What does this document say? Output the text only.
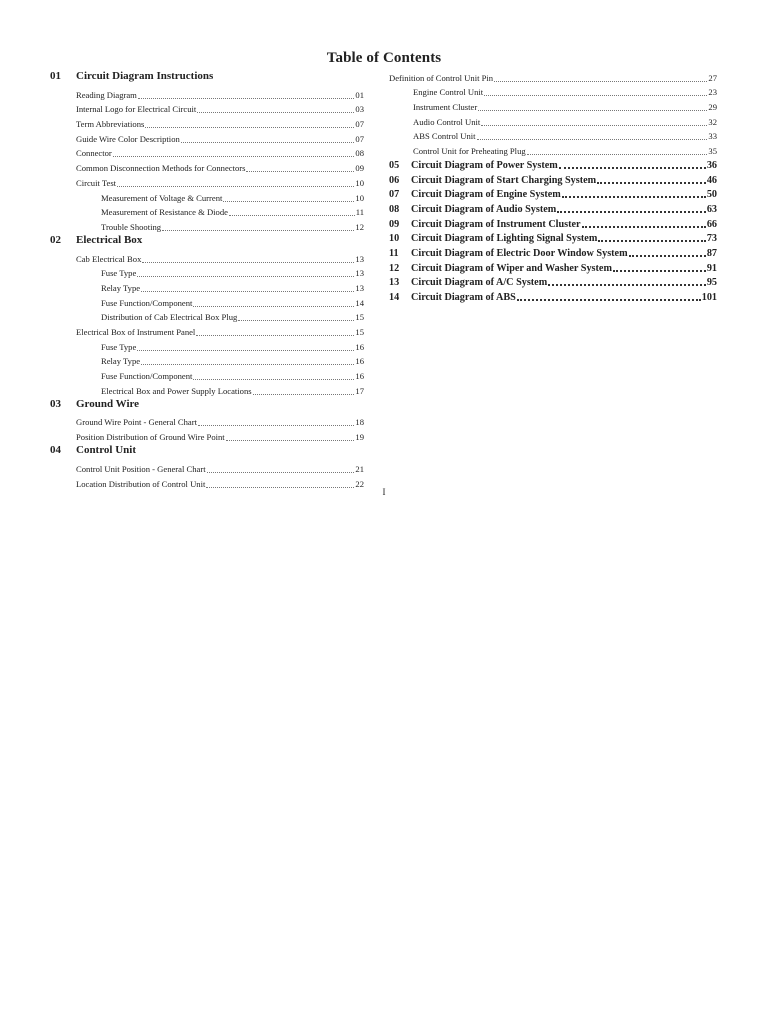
Table of Contents
01	Circuit Diagram Instructions
Reading Diagram	01
Internal Logo for Electrical Circuit	03
Term Abbreviations	07
Guide Wire Color Description	07
Connector	08
Common Disconnection Methods for Connectors	09
Circuit Test	10
Measurement of Voltage & Current	10
Measurement of Resistance & Diode	11
Trouble Shooting	12
02	Electrical Box
Cab Electrical Box	13
Fuse Type	13
Relay Type	13
Fuse Function/Component	14
Distribution of Cab Electrical Box Plug	15
Electrical Box of Instrument Panel	15
Fuse Type	16
Relay Type	16
Fuse Function/Component	16
Electrical Box and Power Supply Locations	17
03	Ground Wire
Ground Wire Point - General Chart	18
Position Distribution of Ground Wire Point	19
04	Control Unit
Control Unit Position - General Chart	21
Location Distribution of Control Unit	22
Definition of Control Unit Pin	27
Engine Control Unit	23
Instrument Cluster	29
Audio Control Unit	32
ABS Control Unit	33
Control Unit for Preheating Plug	35
05	Circuit Diagram of Power System	36
06	Circuit Diagram of Start Charging System	46
07	Circuit Diagram of Engine System	50
08	Circuit Diagram of Audio System	63
09	Circuit Diagram of Instrument Cluster	66
10	Circuit Diagram of Lighting Signal System	73
11	Circuit Diagram of Electric Door Window System	87
12	Circuit Diagram of Wiper and Washer System	91
13	Circuit Diagram of A/C System	95
14	Circuit Diagram of ABS	101
I
